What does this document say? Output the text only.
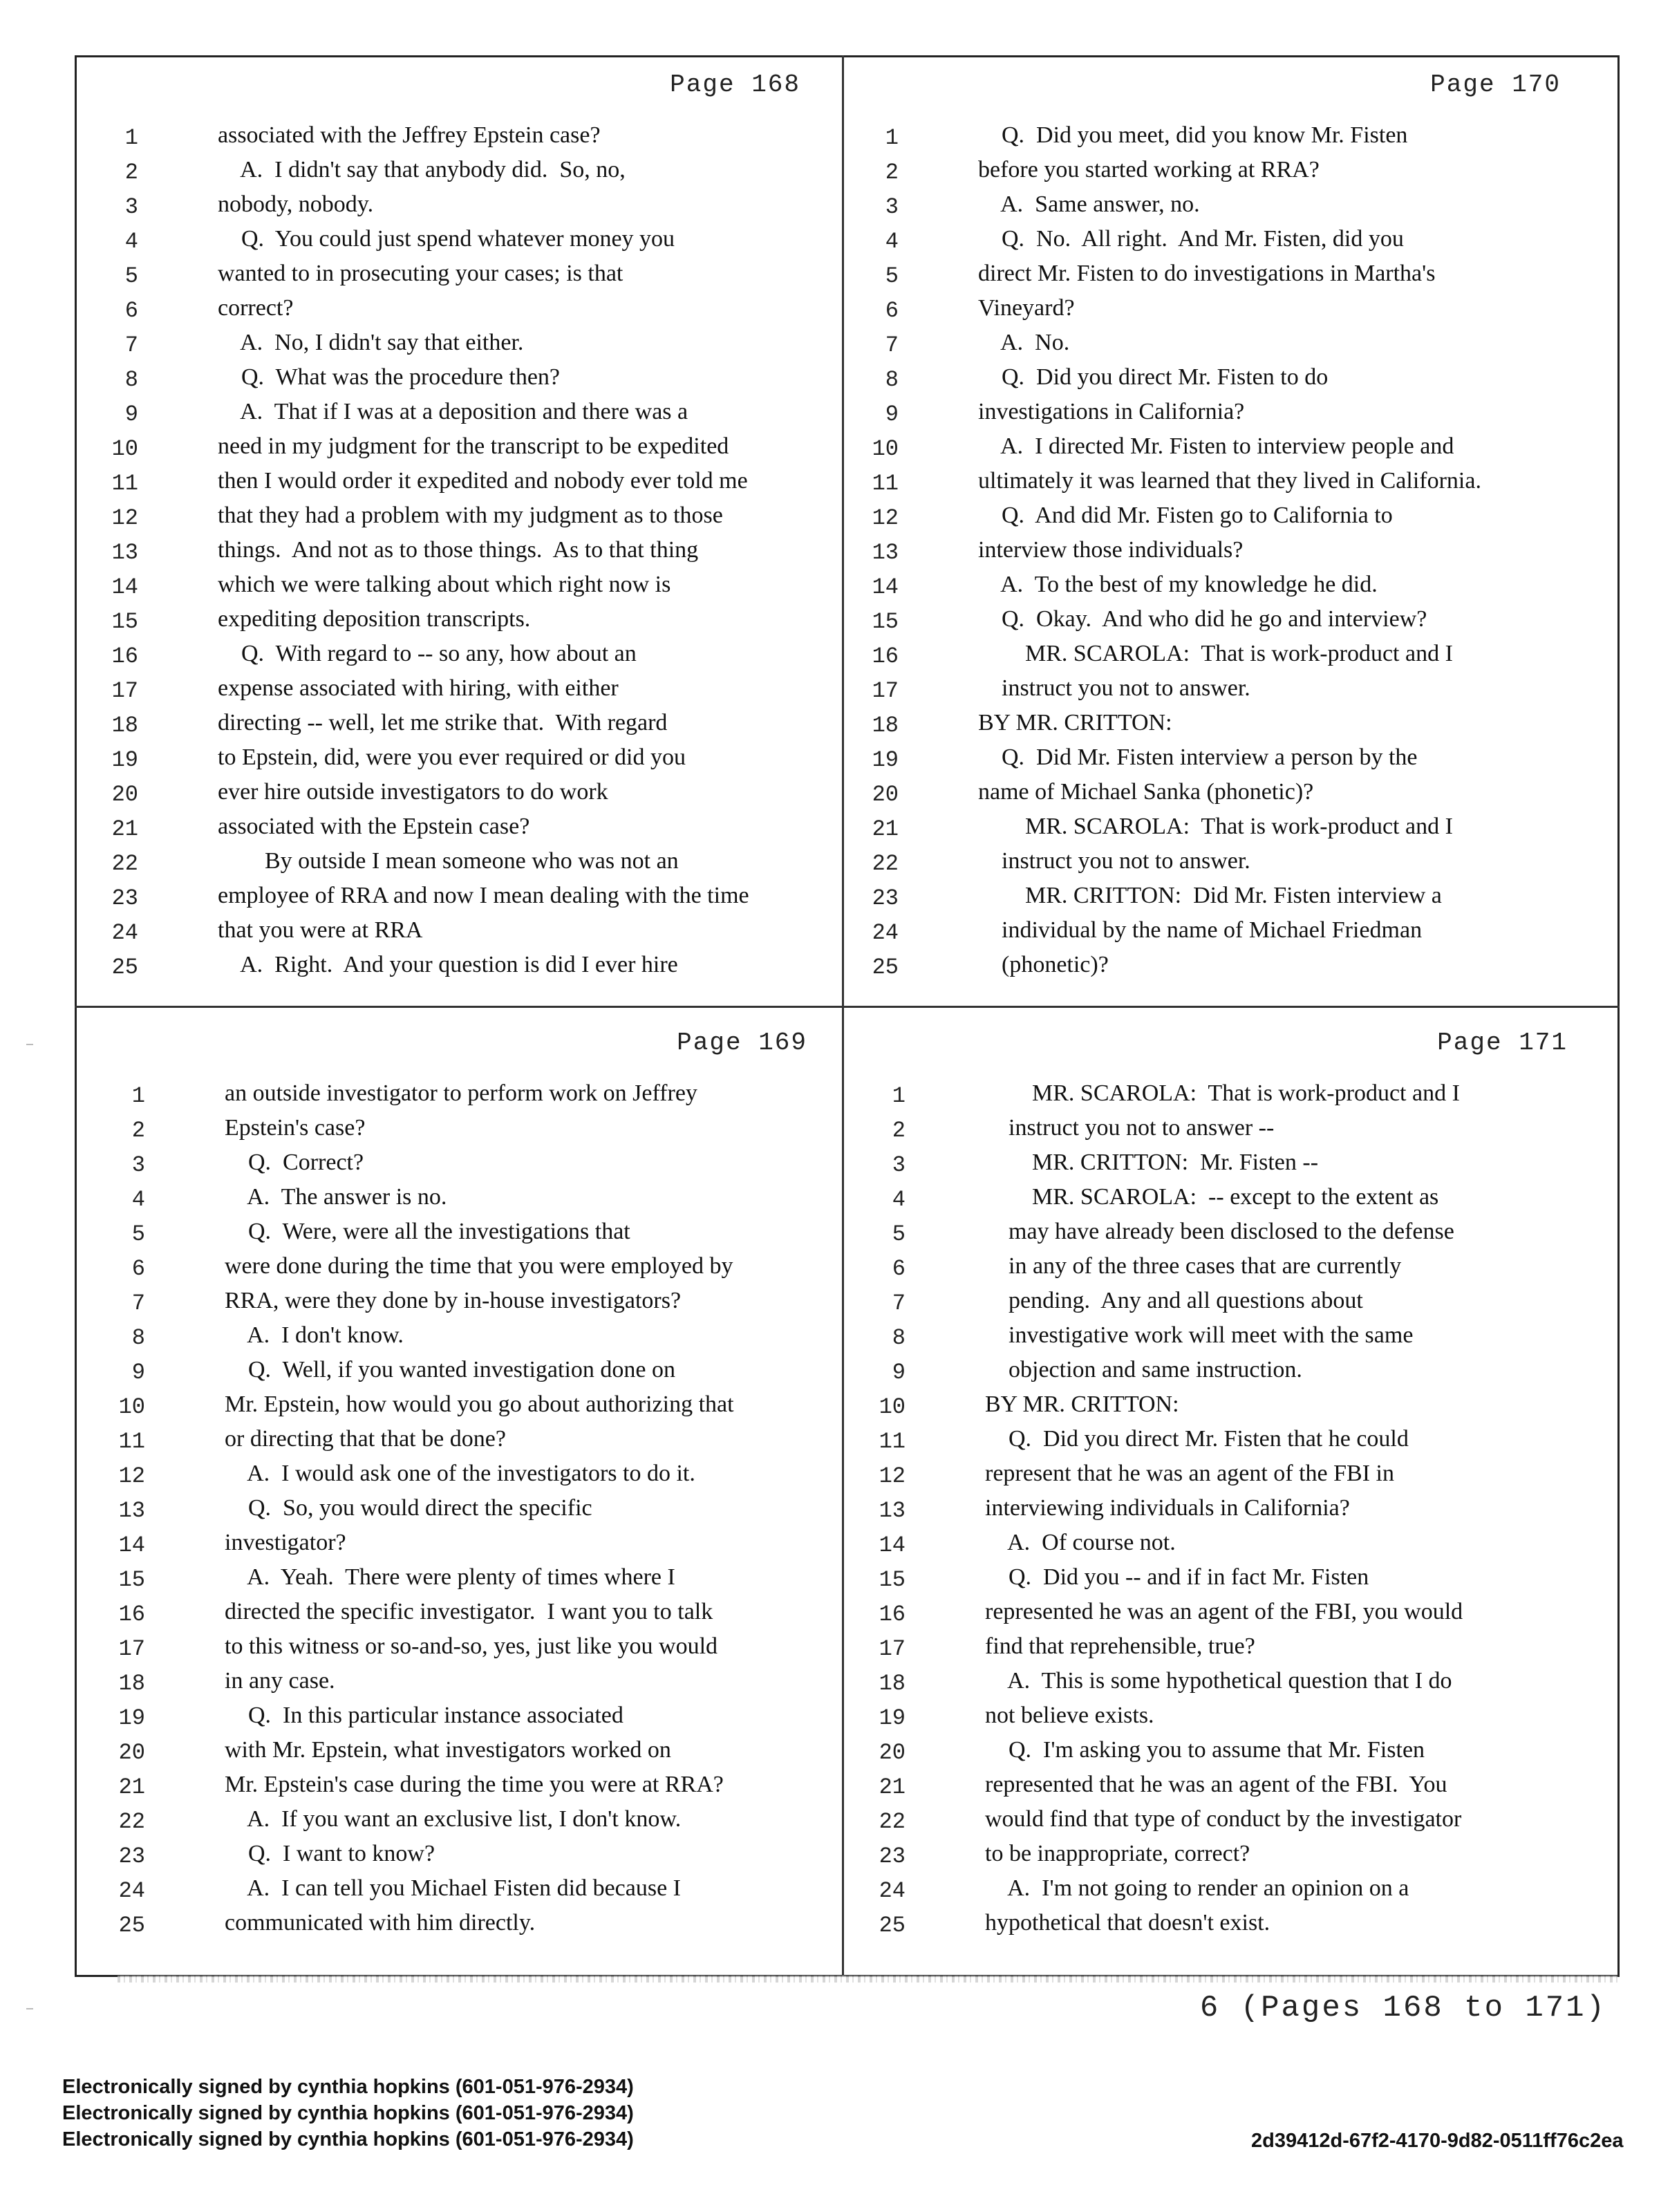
Page 168
1	associated with the Jeffrey Epstein case?
2	A.  I didn't say that anybody did.  So, no,
3	nobody, nobody.
4	Q.  You could just spend whatever money you
5	wanted to in prosecuting your cases; is that
6	correct?
7	A.  No, I didn't say that either.
8	Q.  What was the procedure then?
9	A.  That if I was at a deposition and there was a
10	need in my judgment for the transcript to be expedited
11	then I would order it expedited and nobody ever told me
12	that they had a problem with my judgment as to those
13	things.  And not as to those things.  As to that thing
14	which we were talking about which right now is
15	expediting deposition transcripts.
16	Q.  With regard to -- so any, how about an
17	expense associated with hiring, with either
18	directing -- well, let me strike that.  With regard
19	to Epstein, did, were you ever required or did you
20	ever hire outside investigators to do work
21	associated with the Epstein case?
22	By outside I mean someone who was not an
23	employee of RRA and now I mean dealing with the time
24	that you were at RRA
25	A.  Right.  And your question is did I ever hire
Page 170
1	Q.  Did you meet, did you know Mr. Fisten
2	before you started working at RRA?
3	A.  Same answer, no.
4	Q.  No.  All right.  And Mr. Fisten, did you
5	direct Mr. Fisten to do investigations in Martha's
6	Vineyard?
7	A.  No.
8	Q.  Did you direct Mr. Fisten to do
9	investigations in California?
10	A.  I directed Mr. Fisten to interview people and
11	ultimately it was learned that they lived in California.
12	Q.  And did Mr. Fisten go to California to
13	interview those individuals?
14	A.  To the best of my knowledge he did.
15	Q.  Okay.  And who did he go and interview?
16	MR. SCAROLA:  That is work-product and I
17	instruct you not to answer.
18	BY MR. CRITTON:
19	Q.  Did Mr. Fisten interview a person by the
20	name of Michael Sanka (phonetic)?
21	MR. SCAROLA:  That is work-product and I
22	instruct you not to answer.
23	MR. CRITTON:  Did Mr. Fisten interview a
24	individual by the name of Michael Friedman
25	(phonetic)?
Page 169
1	an outside investigator to perform work on Jeffrey
2	Epstein's case?
3	Q.  Correct?
4	A.  The answer is no.
5	Q.  Were, were all the investigations that
6	were done during the time that you were employed by
7	RRA, were they done by in-house investigators?
8	A.  I don't know.
9	Q.  Well, if you wanted investigation done on
10	Mr. Epstein, how would you go about authorizing that
11	or directing that that be done?
12	A.  I would ask one of the investigators to do it.
13	Q.  So, you would direct the specific
14	investigator?
15	A.  Yeah.  There were plenty of times where I
16	directed the specific investigator.  I want you to talk
17	to this witness or so-and-so, yes, just like you would
18	in any case.
19	Q.  In this particular instance associated
20	with Mr. Epstein, what investigators worked on
21	Mr. Epstein's case during the time you were at RRA?
22	A.  If you want an exclusive list, I don't know.
23	Q.  I want to know?
24	A.  I can tell you Michael Fisten did because I
25	communicated with him directly.
Page 171
1	MR. SCAROLA:  That is work-product and I
2	instruct you not to answer --
3	MR. CRITTON:  Mr. Fisten --
4	MR. SCAROLA:  -- except to the extent as
5	may have already been disclosed to the defense
6	in any of the three cases that are currently
7	pending.  Any and all questions about
8	investigative work will meet with the same
9	objection and same instruction.
10	BY MR. CRITTON:
11	Q.  Did you direct Mr. Fisten that he could
12	represent that he was an agent of the FBI in
13	interviewing individuals in California?
14	A.  Of course not.
15	Q.  Did you -- and if in fact Mr. Fisten
16	represented he was an agent of the FBI, you would
17	find that reprehensible, true?
18	A.  This is some hypothetical question that I do
19	not believe exists.
20	Q.  I'm asking you to assume that Mr. Fisten
21	represented that he was an agent of the FBI.  You
22	would find that type of conduct by the investigator
23	to be inappropriate, correct?
24	A.  I'm not going to render an opinion on a
25	hypothetical that doesn't exist.
6 (Pages 168 to 171)
Electronically signed by cynthia hopkins (601-051-976-2934)
Electronically signed by cynthia hopkins (601-051-976-2934)
Electronically signed by cynthia hopkins (601-051-976-2934)	2d39412d-67f2-4170-9d82-0511ff76c2ea
